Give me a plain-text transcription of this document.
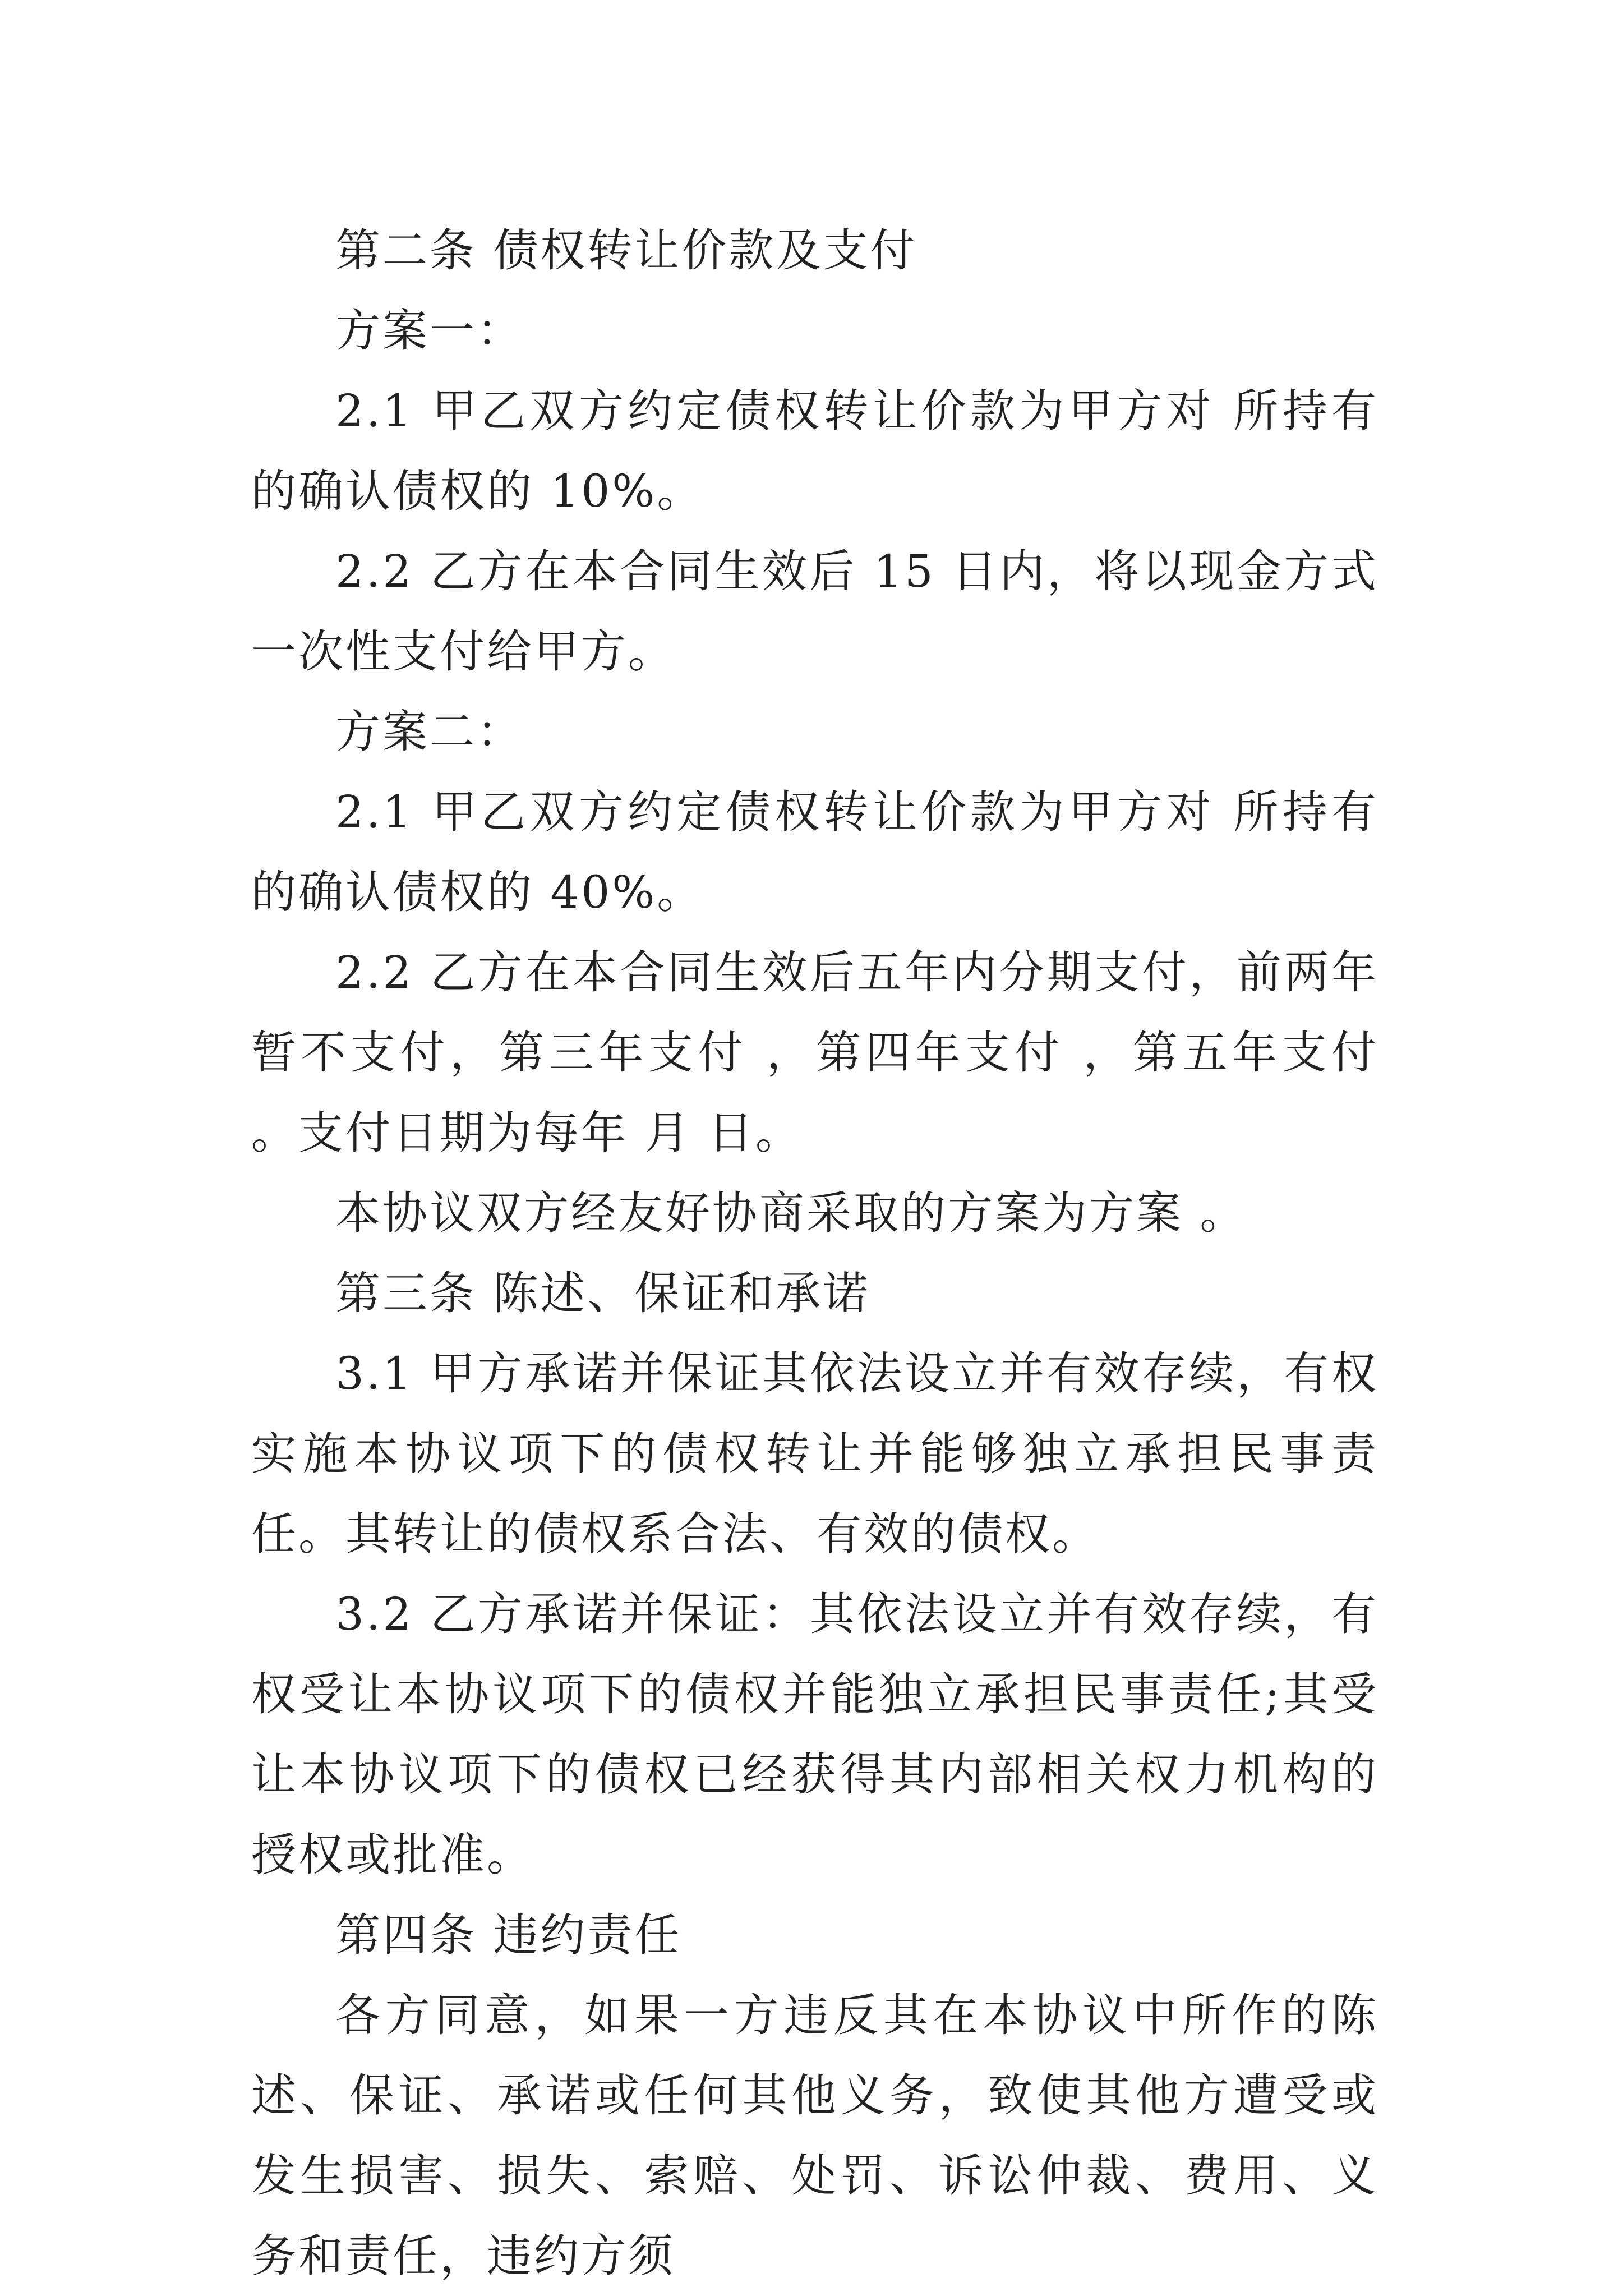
第二条 债权转让价款及支付

方案一：

2.1 甲乙双方约定债权转让价款为甲方对 所持有的确认债权的 10%。

2.2 乙方在本合同生效后 15 日内，将以现金方式一次性支付给甲方。

方案二：

2.1 甲乙双方约定债权转让价款为甲方对 所持有的确认债权的 40%。

2.2 乙方在本合同生效后五年内分期支付，前两年暂不支付，第三年支付 ，第四年支付 ，第五年支付 。支付日期为每年 月 日。

本协议双方经友好协商采取的方案为方案 。

第三条 陈述、保证和承诺

3.1 甲方承诺并保证其依法设立并有效存续，有权实施本协议项下的债权转让并能够独立承担民事责任。其转让的债权系合法、有效的债权。

3.2 乙方承诺并保证：其依法设立并有效存续，有权受让本协议项下的债权并能独立承担民事责任;其受让本协议项下的债权已经获得其内部相关权力机构的授权或批准。

第四条 违约责任

各方同意，如果一方违反其在本协议中所作的陈述、保证、承诺或任何其他义务，致使其他方遭受或发生损害、损失、索赔、处罚、诉讼仲裁、费用、义务和责任，违约方须
